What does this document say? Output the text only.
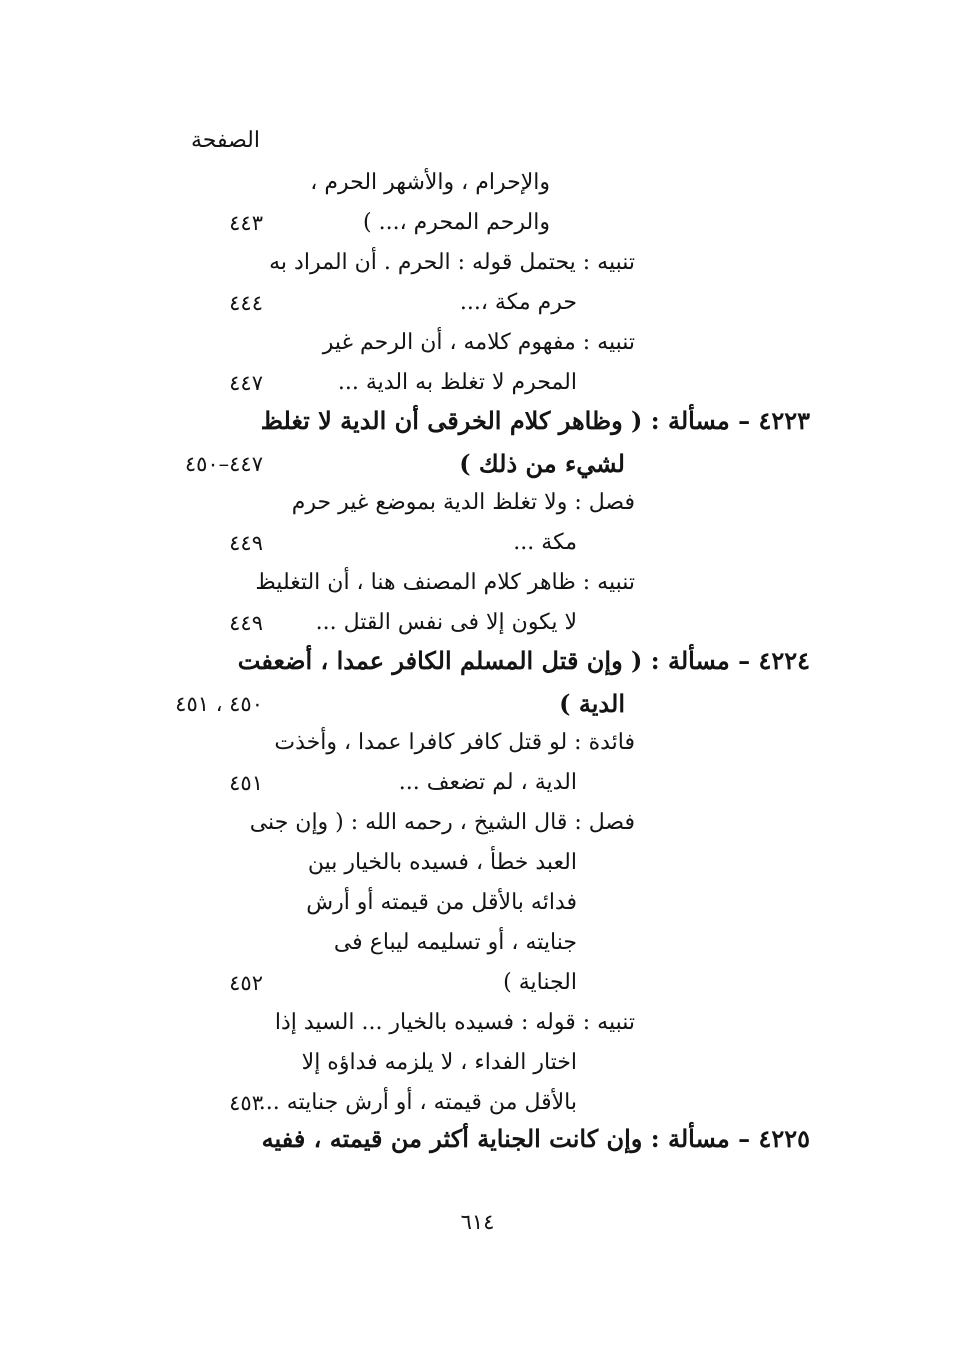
الصفحة
والإحرام ، والأشهر الحرم ،
والرحم المحرم ،... )
تنبيه : يحتمل قوله : الحرم . أن المراد به
حرم مكة ،...
تنبيه : مفهوم كلامه ، أن الرحم غير
المحرم لا تغلظ به الدية ...
٤٢٢٣ – مسألة : ( وظاهر كلام الخرقى أن الدية لا تغلظ
لشيء من ذلك )
فصل : ولا تغلظ الدية بموضع غير حرم
مكة ...
تنبيه : ظاهر كلام المصنف هنا ، أن التغليظ
لا يكون إلا فى نفس القتل ...
٤٢٢٤ – مسألة : ( وإن قتل المسلم الكافر عمدا ، أضعفت
الدية )
فائدة : لو قتل كافر كافرا عمدا ، وأخذت
الدية ، لم تضعف ...
فصل : قال الشيخ ، رحمه الله : ( وإن جنى
العبد خطأ ، فسيده بالخيار بين
فدائه بالأقل من قيمته أو أرش
جنايته ، أو تسليمه ليباع فى
الجناية )
تنبيه : قوله : فسيده بالخيار ... السيد إذا
اختار الفداء ، لا يلزمه فداؤه إلا
بالأقل من قيمته ، أو أرش جنايته ...
٤٢٢٥ – مسألة : وإن كانت الجناية أكثر من قيمته ، ففيه
٤٤٣
٤٤٤
٤٤٧
٤٤٧–٤٥٠
٤٤٩
٤٤٩
٤٥٠ ، ٤٥١
٤٥١
٤٥٢
٤٥٣
٦١٤
